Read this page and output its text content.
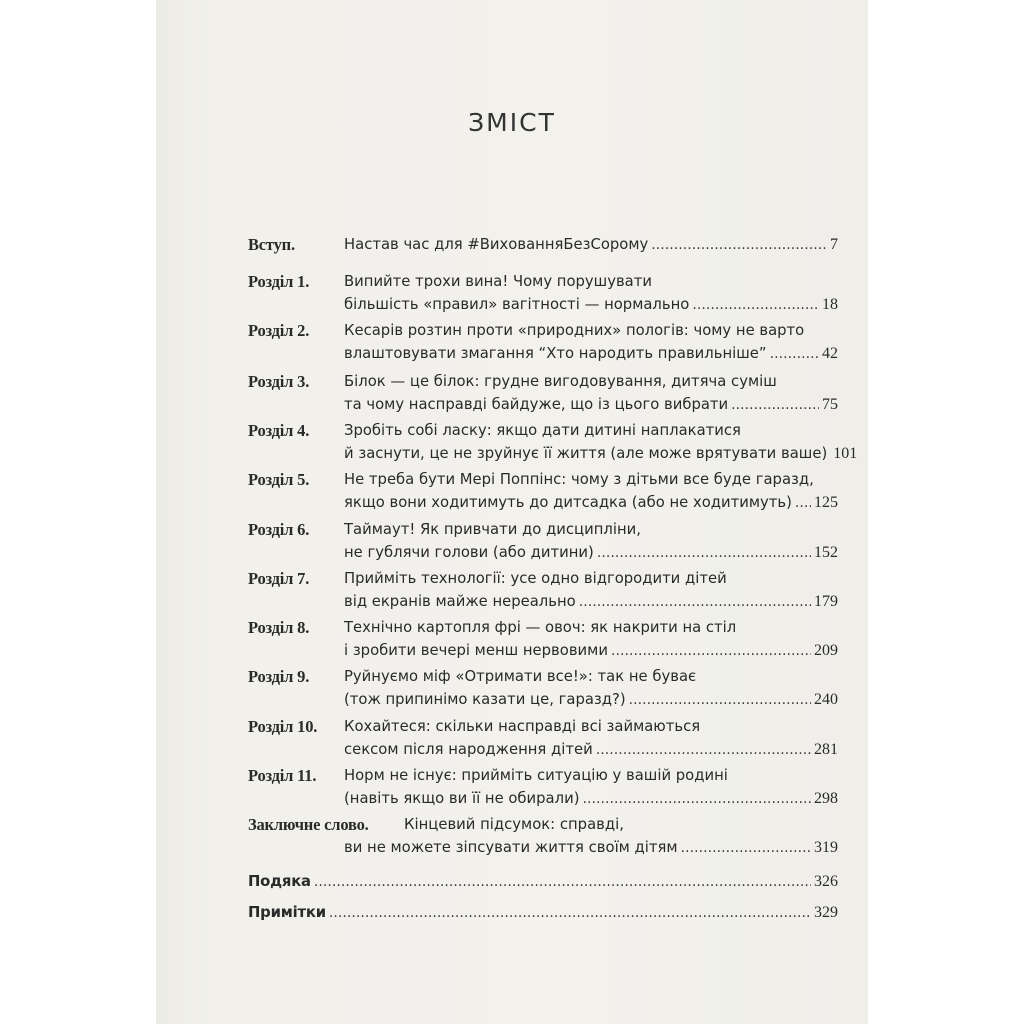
ЗМІСТ
Вступ.	Настав час для #ВихованняБезСорому . . .	7
Розділ 1. Випийте трохи вина! Чому порушувати
більшість «правил» вагітності — нормально . . .	18
Розділ 2. Кесарів розтин проти «природних» пологів: чому не варто
влаштовувати змагання “Хто народить правильніше” . . .	42
Розділ 3. Білок — це білок: грудне вигодовування, дитяча суміш
та чому насправді байдуже, що із цього вибрати . . .	75
Розділ 4. Зробіть собі ласку: якщо дати дитині наплакатися
й заснути, це не зруйнує її життя (але може врятувати ваше) 101
Розділ 5. Не треба бути Мері Поппінс: чому з дітьми все буде гаразд,
якщо вони ходитимуть до дитсадка (або не ходитимуть) . . . 125
Розділ 6. Таймаут! Як привчати до дисципліни,
не гублячи голови (або дитини) . . .	152
Розділ 7. Прийміть технології: усе одно відгородити дітей
від екранів майже нереально . . .	179
Розділ 8. Технічно картопля фрі — овоч: як накрити на стіл
і зробити вечері менш нервовими . . .	209
Розділ 9. Руйнуємо міф «Отримати все!»: так не буває
(тож припинімо казати це, гаразд?) . . .	240
Розділ 10. Кохайтеся: скільки насправді всі займаються
сексом після народження дітей . . .	281
Розділ 11. Норм не існує: прийміть ситуацію у вашій родині
(навіть якщо ви її не обирали) . . .	298
Заключне слово. Кінцевий підсумок: справді,
ви не можете зіпсувати життя своїм дітям . . .	319
Подяка . . .	326
Примітки . . .	329
